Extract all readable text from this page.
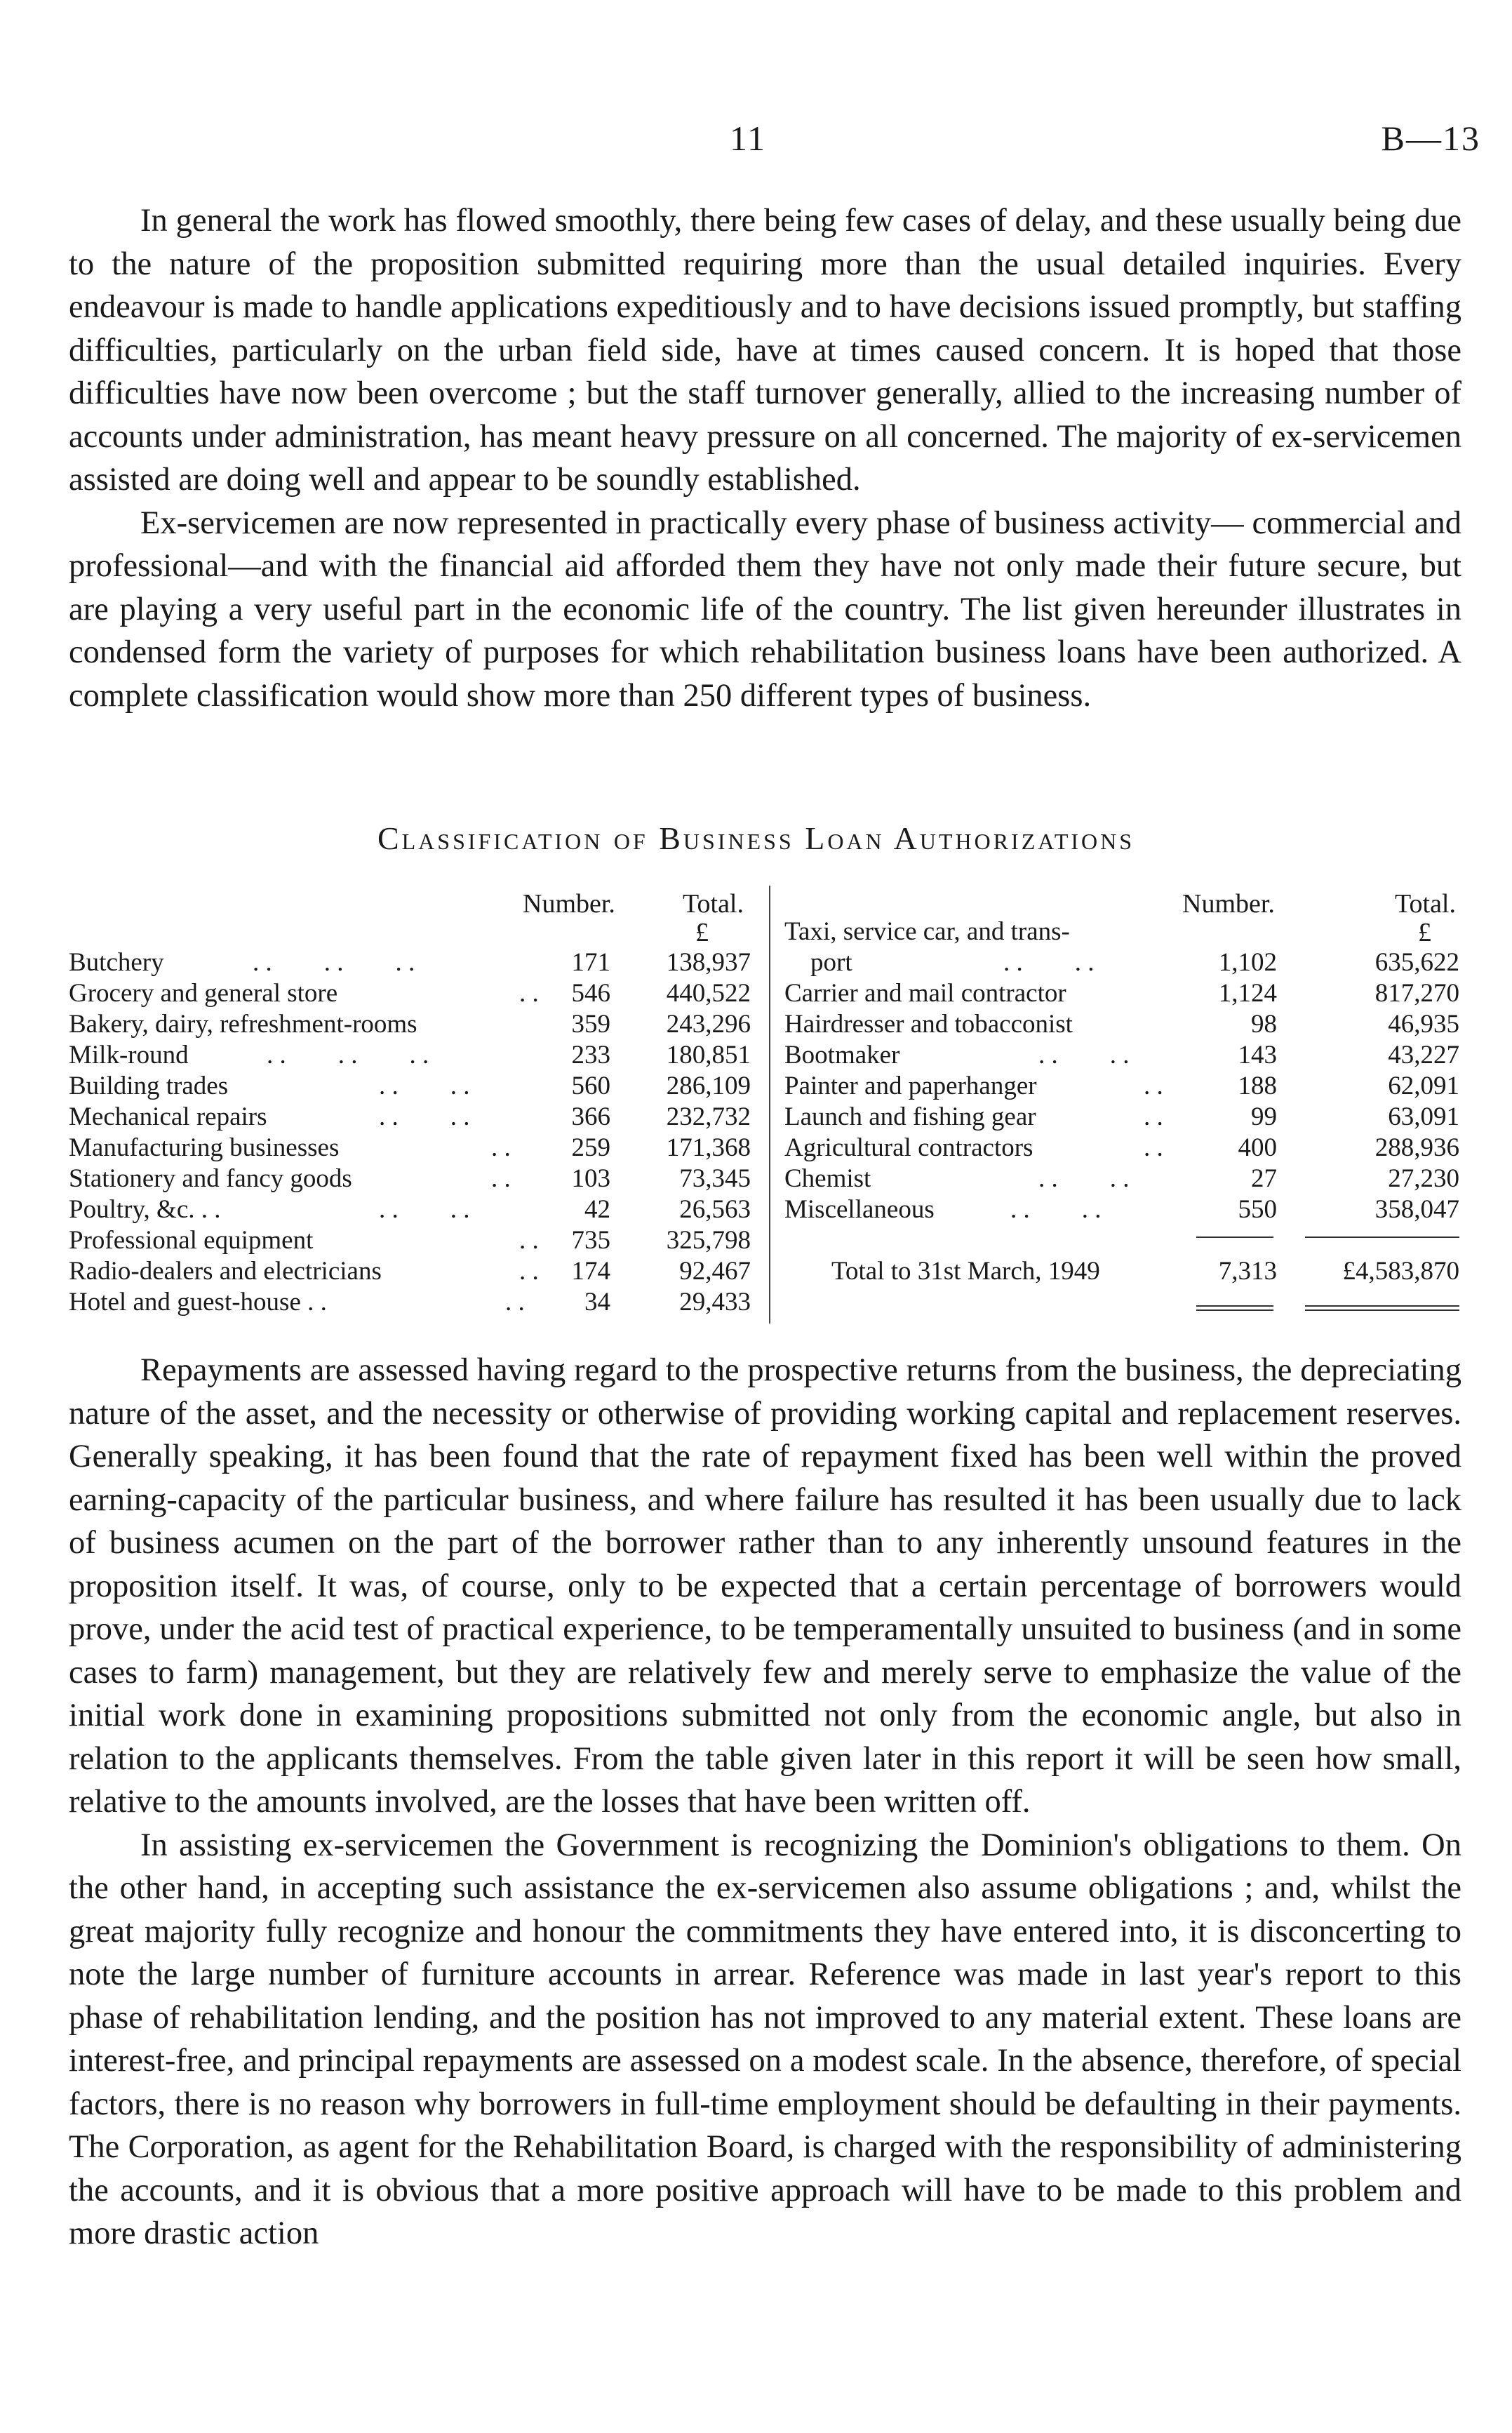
11	B—13

In general the work has flowed smoothly, there being few cases of delay, and these usually being due to the nature of the proposition submitted requiring more than the usual detailed inquiries. Every endeavour is made to handle applications expeditiously and to have decisions issued promptly, but staffing difficulties, particularly on the urban field side, have at times caused concern. It is hoped that those difficulties have now been overcome ; but the staff turnover generally, allied to the increasing number of accounts under administration, has meant heavy pressure on all concerned. The majority of ex-servicemen assisted are doing well and appear to be soundly established.

Ex-servicemen are now represented in practically every phase of business activity— commercial and professional—and with the financial aid afforded them they have not only made their future secure, but are playing a very useful part in the economic life of the country. The list given hereunder illustrates in condensed form the variety of purposes for which rehabilitation business loans have been authorized. A complete classification would show more than 250 different types of business.

Classification of Business Loan Authorizations
Number.	Total.
£
Number.	Total.
£
Butchery	. .  . .  . .	171	138,937
Grocery and general store	. .	546	440,522
Bakery, dairy, refreshment-rooms	359	243,296
Milk-round	. .  . .  . .	233	180,851
Building trades	. .  . .	560	286,109
Mechanical repairs	. .  . .	366	232,732
Manufacturing businesses	. .	259	171,368
Stationery and fancy goods	. .	103	73,345
Poultry, &c. . .	. .  . .	42	26,563
Professional equipment	. .	735	325,798
Radio-dealers and electricians	. .	174	92,467
Hotel and guest-house . .	. .	34	29,433
Taxi, service car, and trans-
 port	. .  . .	1,102	635,622
Carrier and mail contractor	1,124	817,270
Hairdresser and tobacconist	98	46,935
Bootmaker	. .  . .	143	43,227
Painter and paperhanger	. .	188	62,091
Launch and fishing gear	. .	99	63,091
Agricultural contractors	. .	400	288,936
Chemist	. .  . .	27	27,230
Miscellaneous	. .  . .	550	358,047
Total to 31st March, 1949	7,313	£4,583,870

Repayments are assessed having regard to the prospective returns from the business, the depreciating nature of the asset, and the necessity or otherwise of providing working capital and replacement reserves. Generally speaking, it has been found that the rate of repayment fixed has been well within the proved earning-capacity of the particular business, and where failure has resulted it has been usually due to lack of business acumen on the part of the borrower rather than to any inherently unsound features in the proposition itself. It was, of course, only to be expected that a certain percentage of borrowers would prove, under the acid test of practical experience, to be temperamentally unsuited to business (and in some cases to farm) management, but they are relatively few and merely serve to emphasize the value of the initial work done in examining propositions submitted not only from the economic angle, but also in relation to the applicants themselves. From the table given later in this report it will be seen how small, relative to the amounts involved, are the losses that have been written off.

In assisting ex-servicemen the Government is recognizing the Dominion's obligations to them. On the other hand, in accepting such assistance the ex-servicemen also assume obligations ; and, whilst the great majority fully recognize and honour the commitments they have entered into, it is disconcerting to note the large number of furniture accounts in arrear. Reference was made in last year's report to this phase of rehabilitation lending, and the position has not improved to any material extent. These loans are interest-free, and principal repayments are assessed on a modest scale. In the absence, therefore, of special factors, there is no reason why borrowers in full-time employment should be defaulting in their payments. The Corporation, as agent for the Rehabilitation Board, is charged with the responsibility of administering the accounts, and it is obvious that a more positive approach will have to be made to this problem and more drastic action
